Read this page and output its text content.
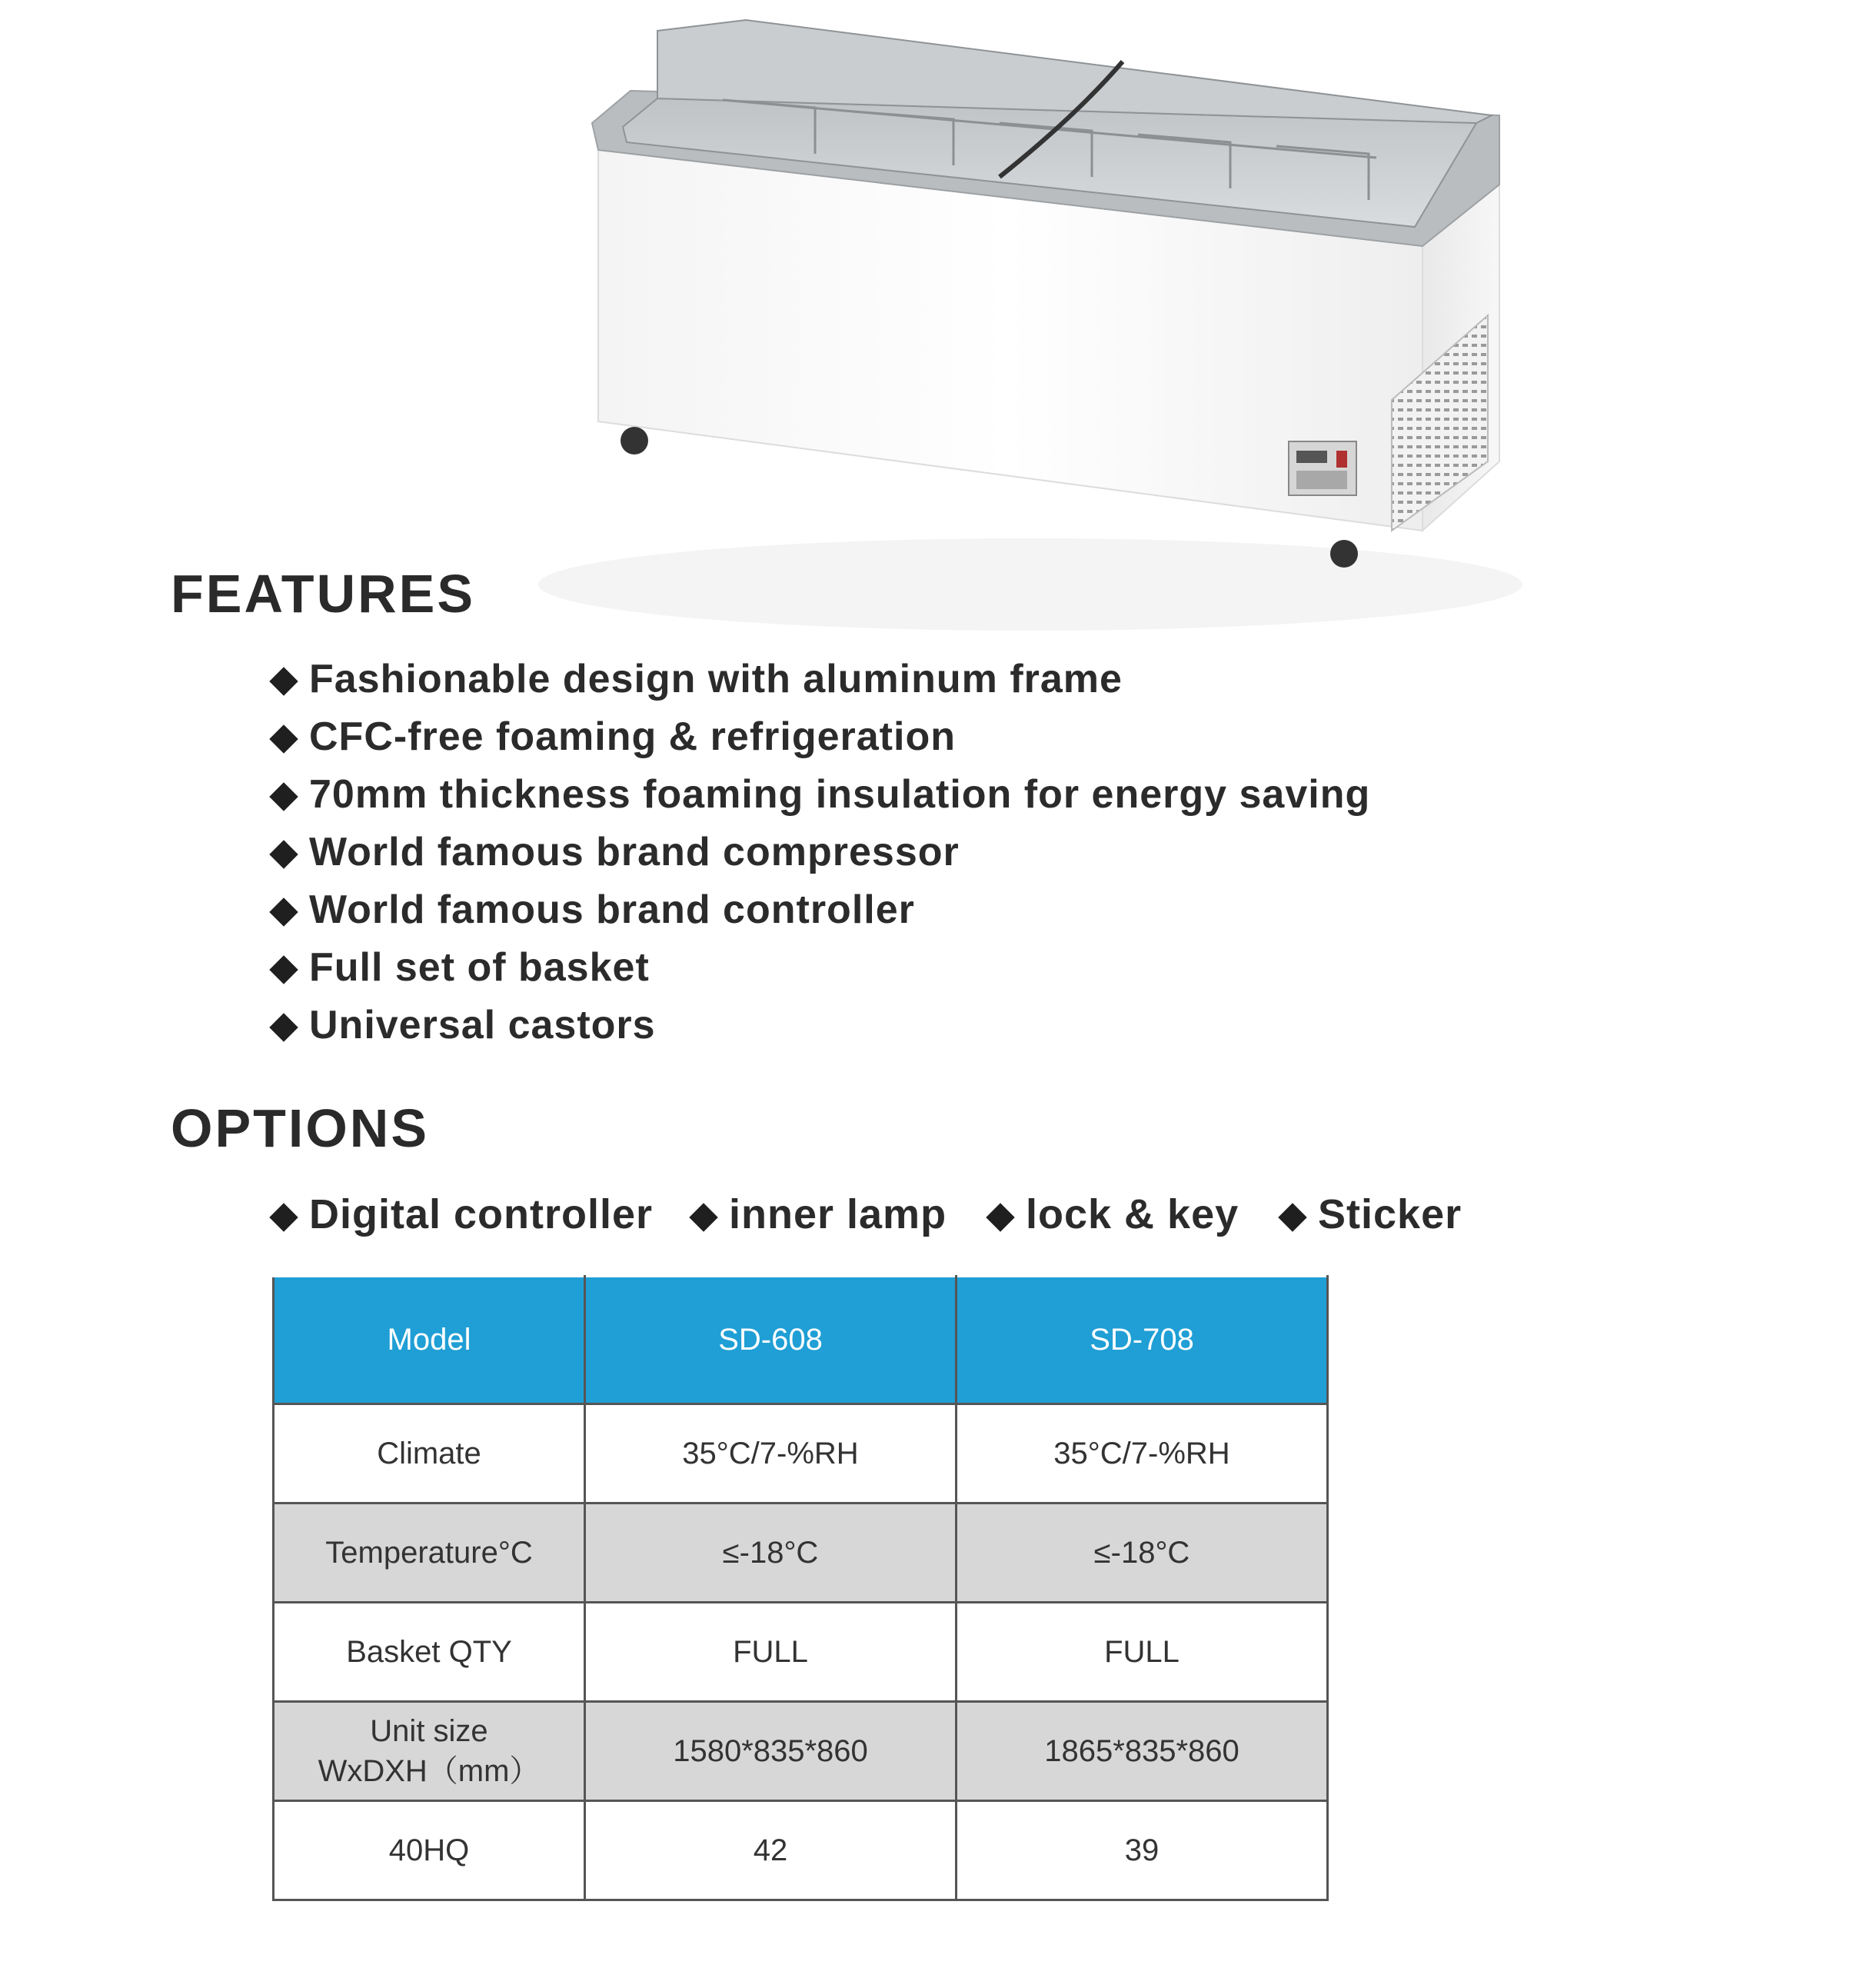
FEATURES
Fashionable design with aluminum frame
CFC-free foaming & refrigeration
70mm thickness foaming insulation for energy saving
World famous brand compressor
World famous brand controller
Full set of basket
Universal castors
OPTIONS
Digital controller inner lamp lock & key Sticker
Model	SD-608	SD-708
Climate	35°C/7-%RH	35°C/7-%RH
Temperature°C	≤-18°C	≤-18°C
Basket QTY	FULL	FULL
Unit size
WxDXH（mm）	1580*835*860	1865*835*860
40HQ	42	39
